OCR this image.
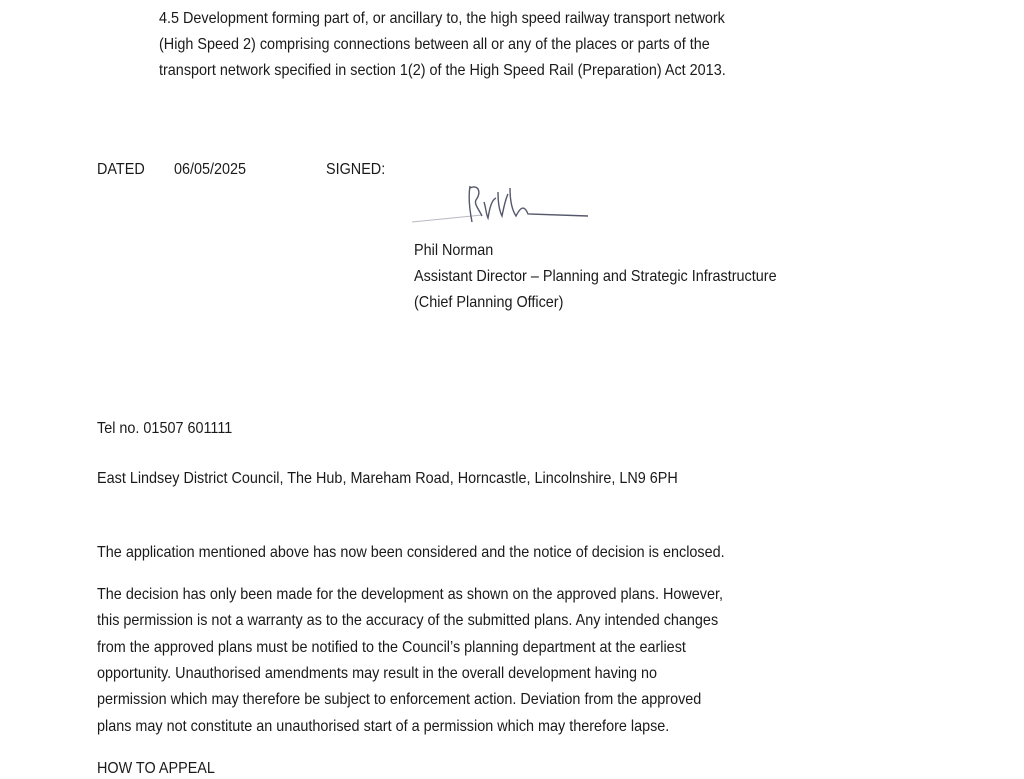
4.5 Development forming part of, or ancillary to, the high speed railway transport network
(High Speed 2) comprising connections between all or any of the places or parts of the
transport network specified in section 1(2) of the High Speed Rail (Preparation) Act 2013.
DATED 06/05/2025	SIGNED:
Phil Norman
Assistant Director – Planning and Strategic Infrastructure
(Chief Planning Officer)
Tel no. 01507 601111
East Lindsey District Council, The Hub, Mareham Road, Horncastle, Lincolnshire, LN9 6PH
The application mentioned above has now been considered and the notice of decision is enclosed.
The decision has only been made for the development as shown on the approved plans. However,
this permission is not a warranty as to the accuracy of the submitted plans. Any intended changes
from the approved plans must be notified to the Council’s planning department at the earliest
opportunity. Unauthorised amendments may result in the overall development having no
permission which may therefore be subject to enforcement action. Deviation from the approved
plans may not constitute an unauthorised start of a permission which may therefore lapse.
HOW TO APPEAL
